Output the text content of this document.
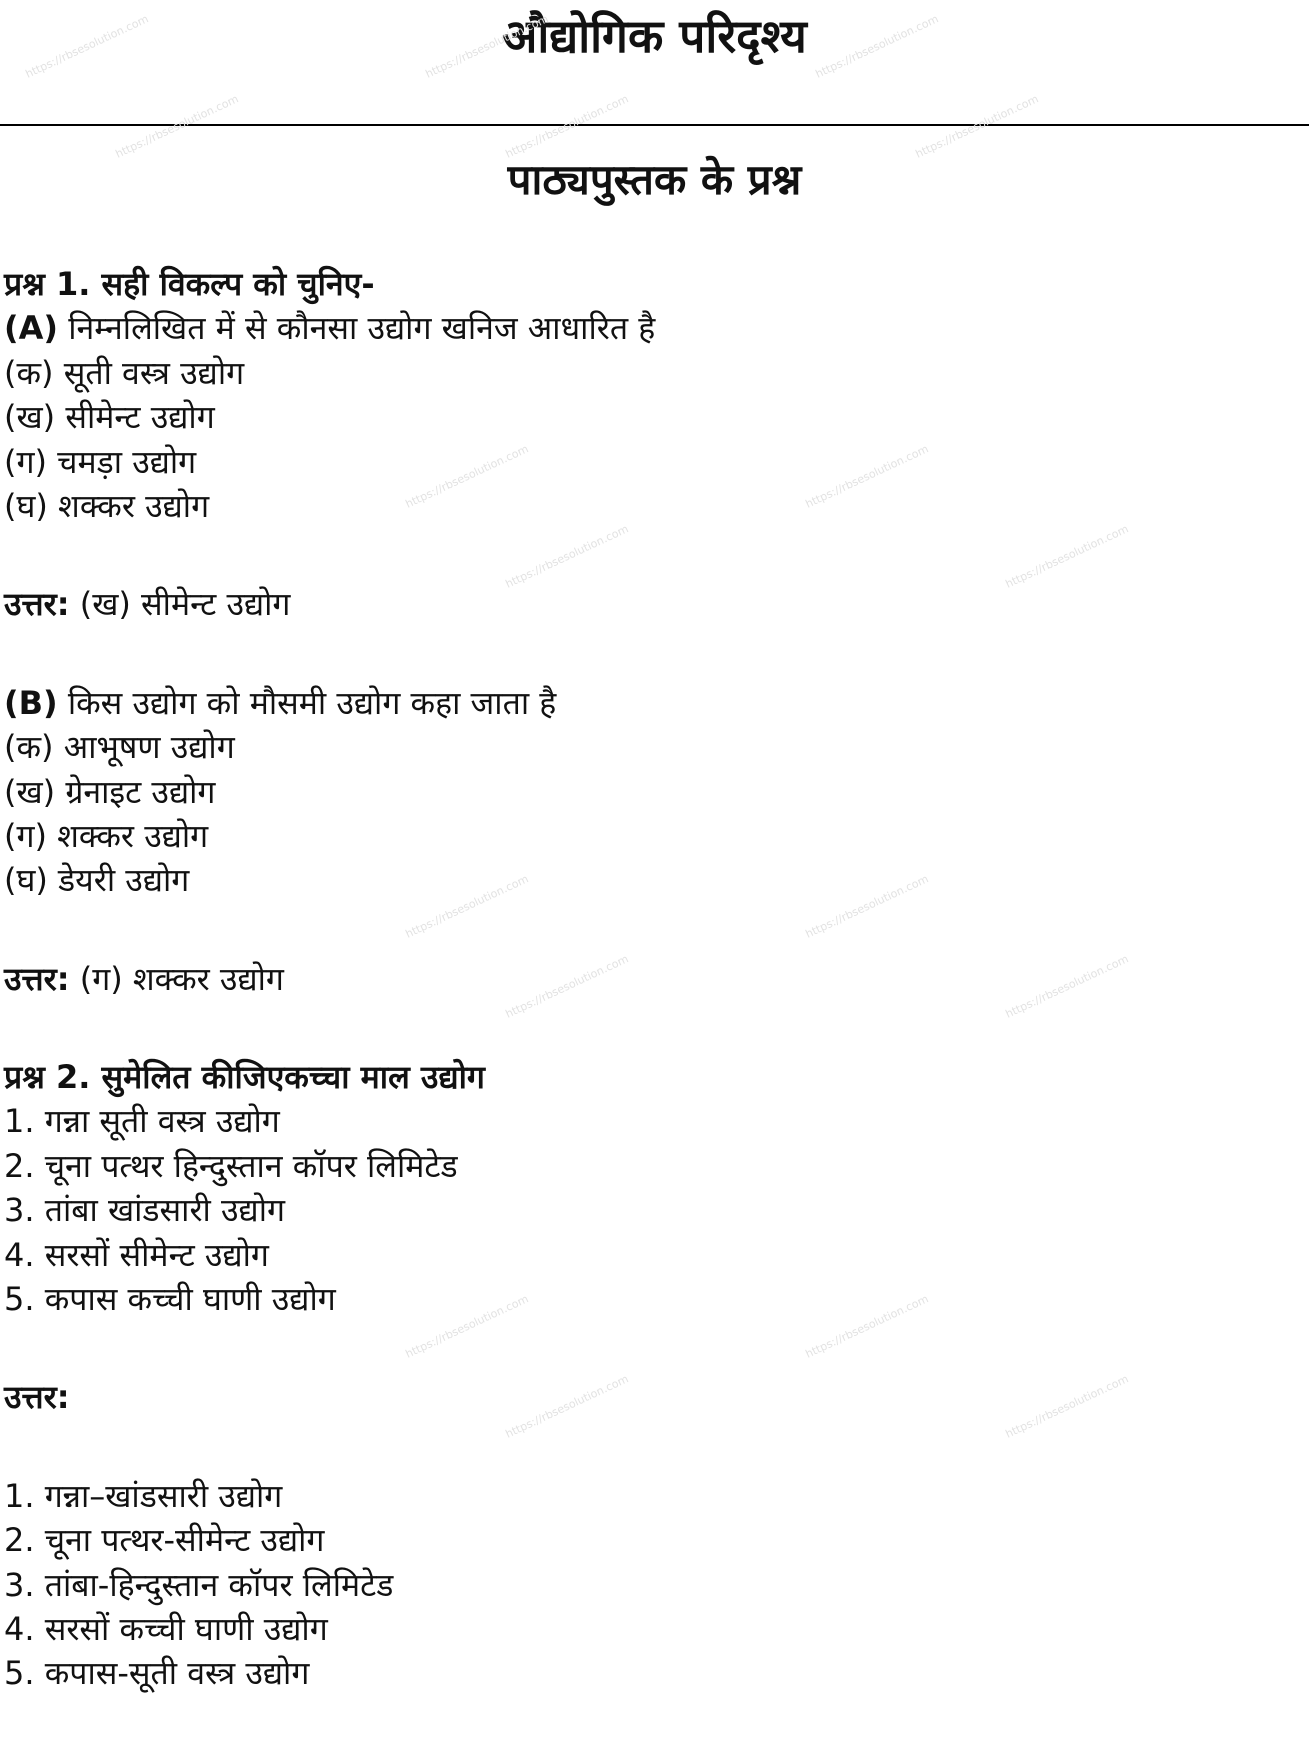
औद्योगिक परिदृश्य
पाठ्यपुस्तक के प्रश्न
प्रश्न 1. सही विकल्प को चुनिए-
(A) निम्नलिखित में से कौनसा उद्योग खनिज आधारित है
(क) सूती वस्त्र उद्योग
(ख) सीमेन्ट उद्योग
(ग) चमड़ा उद्योग
(घ) शक्कर उद्योग
उत्तर: (ख) सीमेन्ट उद्योग
(B) किस उद्योग को मौसमी उद्योग कहा जाता है
(क) आभूषण उद्योग
(ख) ग्रेनाइट उद्योग
(ग) शक्कर उद्योग
(घ) डेयरी उद्योग
उत्तर: (ग) शक्कर उद्योग
प्रश्न 2. सुमेलित कीजिएकच्चा माल उद्योग
1. गन्ना सूती वस्त्र उद्योग
2. चूना पत्थर हिन्दुस्तान कॉपर लिमिटेड
3. तांबा खांडसारी उद्योग
4. सरसों सीमेन्ट उद्योग
5. कपास कच्ची घाणी उद्योग
उत्तर:
1. गन्ना–खांडसारी उद्योग
2. चूना पत्थर-सीमेन्ट उद्योग
3. तांबा-हिन्दुस्तान कॉपर लिमिटेड
4. सरसों कच्ची घाणी उद्योग
5. कपास-सूती वस्त्र उद्योग
https://rbsesolution.com	https://rbsesolution.com	https://rbsesolution.com
https://rbsesolution.com	https://rbsesolution.com	https://rbsesolution.com
https://rbsesolution.com	https://rbsesolution.com
https://rbsesolution.com	https://rbsesolution.com
https://rbsesolution.com	https://rbsesolution.com
https://rbsesolution.com	https://rbsesolution.com
https://rbsesolution.com	https://rbsesolution.com
https://rbsesolution.com	https://rbsesolution.com
